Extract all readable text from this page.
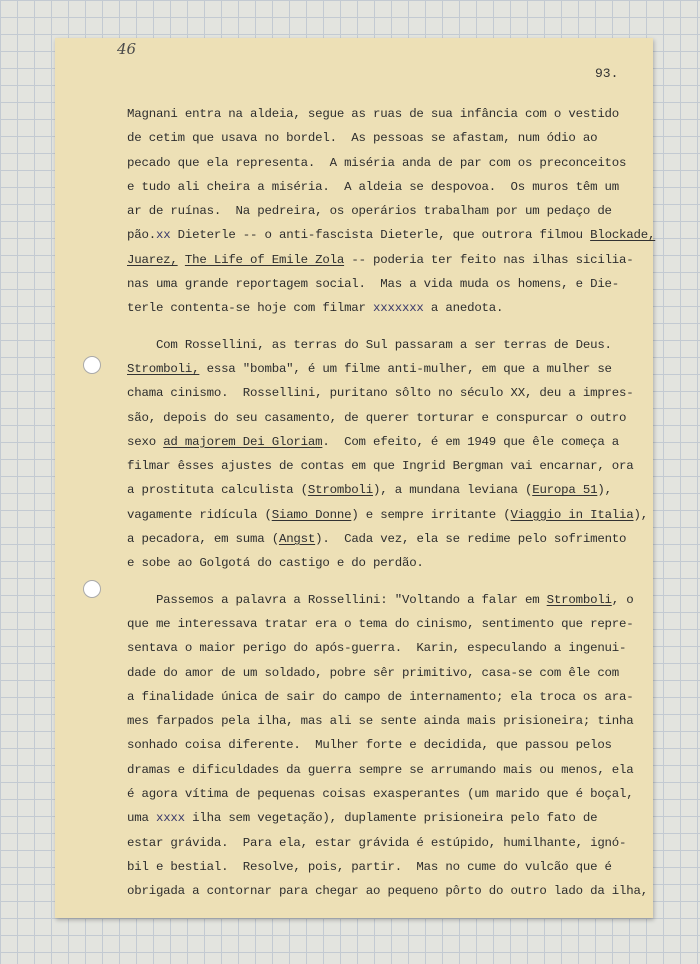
46
93.
Magnani entra na aldeia, segue as ruas de sua infância com o vestido
de cetim que usava no bordel.  As pessoas se afastam, num ódio ao
pecado que ela representa.  A miséria anda de par com os preconceitos
e tudo ali cheira a miséria.  A aldeia se despovoa.  Os muros têm um
ar de ruínas.  Na pedreira, os operários trabalham por um pedaço de
pão.xx Dieterle -- o anti-fascista Dieterle, que outrora filmou Blockade,
Juarez, The Life of Emile Zola -- poderia ter feito nas ilhas sicilia-
nas uma grande reportagem social.  Mas a vida muda os homens, e Die-
terle contenta-se hoje com filmar xxxxxxx a anedota.
Com Rossellini, as terras do Sul passaram a ser terras de Deus.
Stromboli, essa "bomba", é um filme anti-mulher, em que a mulher se
chama cinismo.  Rossellini, puritano sôlto no século XX, deu a impres-
são, depois do seu casamento, de querer torturar e conspurcar o outro
sexo ad majorem Dei Gloriam.  Com efeito, é em 1949 que êle começa a
filmar êsses ajustes de contas em que Ingrid Bergman vai encarnar, ora
a prostituta calculista (Stromboli), a mundana leviana (Europa 51),
vagamente ridícula (Siamo Donne) e sempre irritante (Viaggio in Italia),
a pecadora, em suma (Angst).  Cada vez, ela se redime pelo sofrimento
e sobe ao Golgotá do castigo e do perdão.
Passemos a palavra a Rossellini: "Voltando a falar em Stromboli, o
que me interessava tratar era o tema do cinismo, sentimento que repre-
sentava o maior perigo do após-guerra.  Karin, especulando a ingenui-
dade do amor de um soldado, pobre sêr primitivo, casa-se com êle com
a finalidade única de sair do campo de internamento; ela troca os ara-
mes farpados pela ilha, mas ali se sente ainda mais prisioneira; tinha
sonhado coisa diferente.  Mulher forte e decidida, que passou pelos
dramas e dificuldades da guerra sempre se arrumando mais ou menos, ela
é agora vítima de pequenas coisas exasperantes (um marido que é boçal,
uma xxxx ilha sem vegetação), duplamente prisioneira pelo fato de
estar grávida.  Para ela, estar grávida é estúpido, humilhante, ignó-
bil e bestial.  Resolve, pois, partir.  Mas no cume do vulcão que é
obrigada a contornar para chegar ao pequeno pôrto do outro lado da ilha,
